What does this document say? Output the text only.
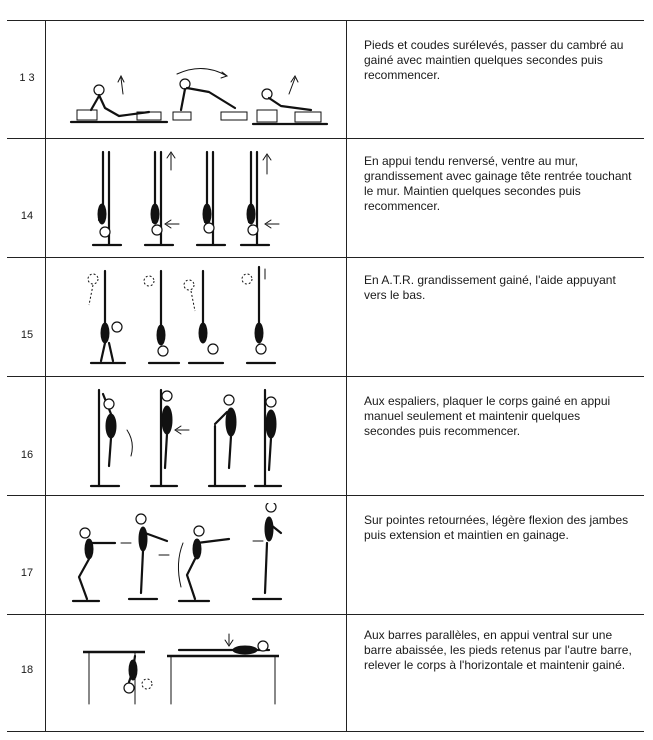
1 3
Pieds et coudes surélevés, passer du cambré au gainé avec maintien quelques secondes puis recommencer.
14
En appui tendu renversé, ventre au mur, grandissement avec gainage tête rentrée touchant le mur. Maintien quelques secondes puis recommencer.
15
En A.T.R. grandissement gainé, l'aide appuyant vers le bas.
16
Aux espaliers, plaquer le corps gainé en appui manuel seulement et maintenir quelques secondes puis recommencer.
17
Sur pointes retournées, légère flexion des jambes puis extension et maintien en gainage.
18
Aux barres parallèles, en appui ventral sur une barre abaissée, les pieds retenus par l'autre barre, relever le corps à l'horizontale et maintenir gainé.
